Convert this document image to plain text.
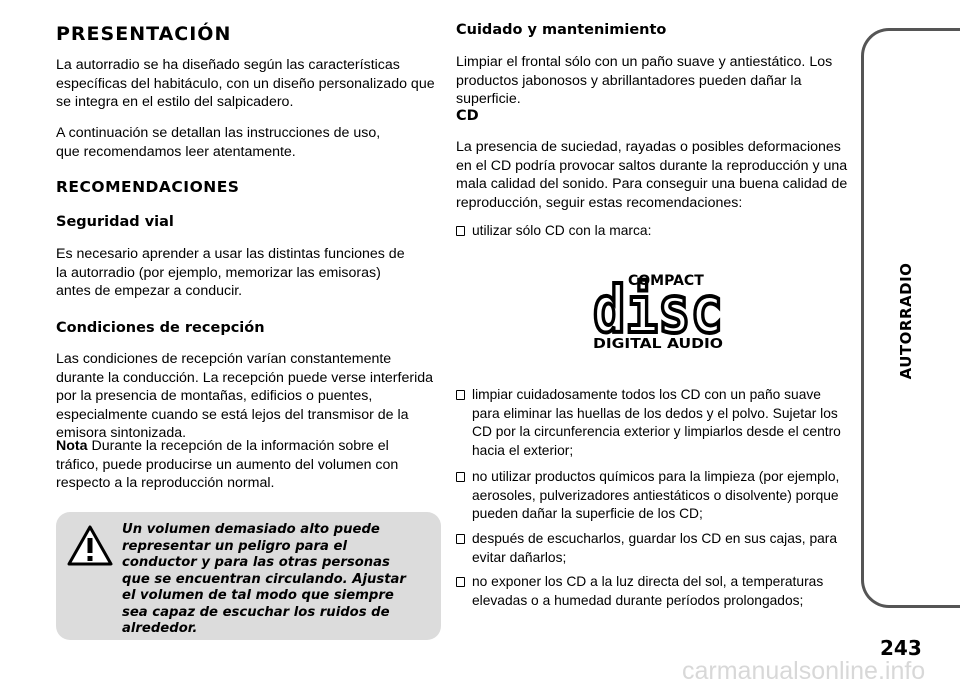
PRESENTACIÓN

La autorradio se ha diseñado según las características específicas del habitáculo, con un diseño personalizado que se integra en el estilo del salpicadero.

A continuación se detallan las instrucciones de uso, que recomendamos leer atentamente.

RECOMENDACIONES
Seguridad vial

Es necesario aprender a usar las distintas funciones de la autorradio (por ejemplo, memorizar las emisoras) antes de empezar a conducir.

Condiciones de recepción

Las condiciones de recepción varían constantemente durante la conducción. La recepción puede verse interferida por la presencia de montañas, edificios o puentes, especialmente cuando se está lejos del transmisor de la emisora sintonizada.

Nota Durante la recepción de la información sobre el tráfico, puede producirse un aumento del volumen con respecto a la reproducción normal.

Un volumen demasiado alto puede representar un peligro para el conductor y para las otras personas que se encuentran circulando. Ajustar el volumen de tal modo que siempre sea capaz de escuchar los ruidos de alrededor.

Cuidado y mantenimiento

Limpiar el frontal sólo con un paño suave y antiestático. Los productos jabonosos y abrillantadores pueden dañar la superficie.

CD

La presencia de suciedad, rayadas o posibles deformaciones en el CD podría provocar saltos durante la reproducción y una mala calidad del sonido. Para conseguir una buena calidad de reproducción, seguir estas recomendaciones:

utilizar sólo CD con la marca:

COMPACT
disc
DIGITAL AUDIO

limpiar cuidadosamente todos los CD con un paño suave para eliminar las huellas de los dedos y el polvo. Sujetar los CD por la circunferencia exterior y limpiarlos desde el centro hacia el exterior;

no utilizar productos químicos para la limpieza (por ejemplo, aerosoles, pulverizadores antiestáticos o disolvente) porque pueden dañar la superficie de los CD;

después de escucharlos, guardar los CD en sus cajas, para evitar dañarlos;

no exponer los CD a la luz directa del sol, a temperaturas elevadas o a humedad durante períodos prolongados;

AUTORRADIO
243
carmanualsonline.info
